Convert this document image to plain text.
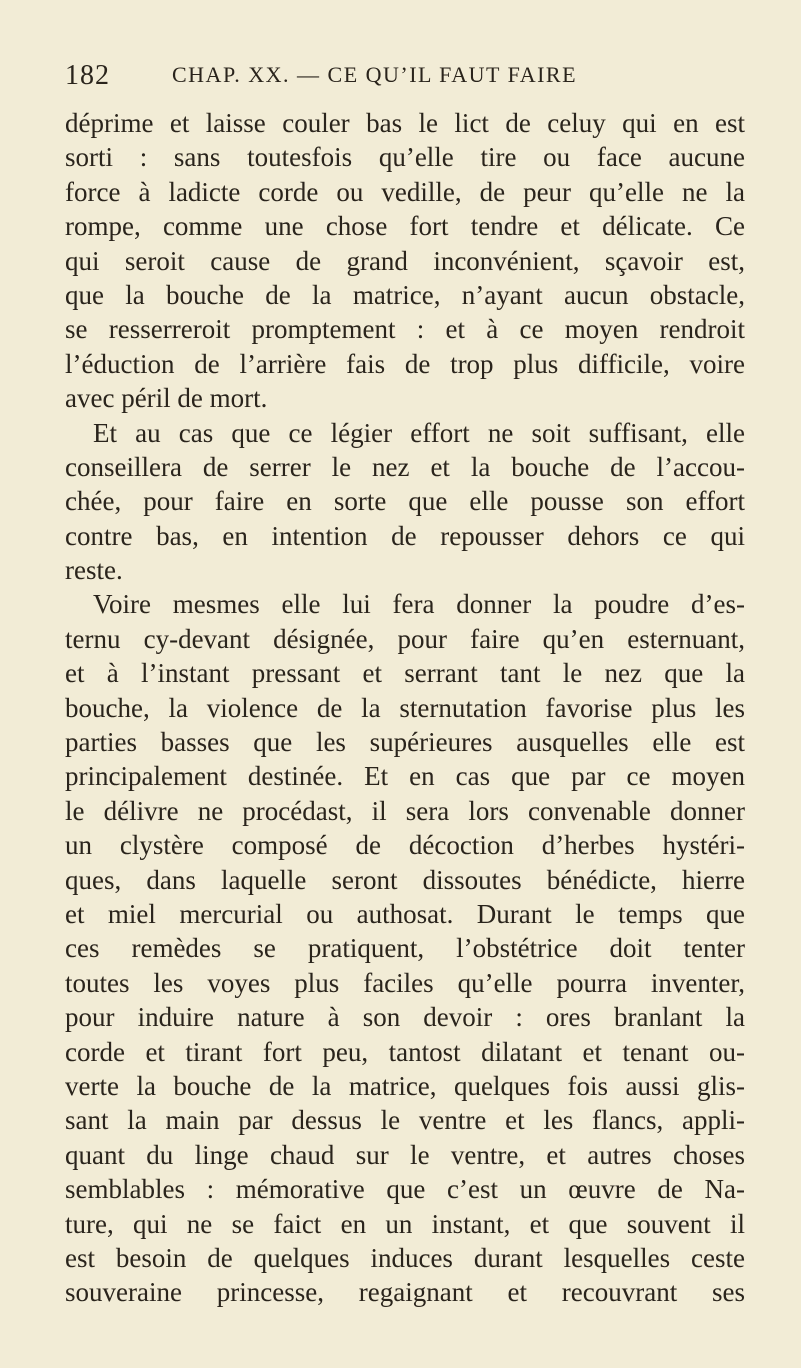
182	CHAP. XX. — CE QU’IL FAUT FAIRE
déprime et laisse couler bas le lict de celuy qui en est
sorti : sans toutesfois qu’elle tire ou face aucune
force à ladicte corde ou vedille, de peur qu’elle ne la
rompe, comme une chose fort tendre et délicate. Ce
qui seroit cause de grand inconvénient, sçavoir est,
que la bouche de la matrice, n’ayant aucun obstacle,
se resserreroit promptement : et à ce moyen rendroit
l’éduction de l’arrière fais de trop plus difficile, voire
avec péril de mort.
Et au cas que ce légier effort ne soit suffisant, elle
conseillera de serrer le nez et la bouche de l’accou-
chée, pour faire en sorte que elle pousse son effort
contre bas, en intention de repousser dehors ce qui
reste.
Voire mesmes elle lui fera donner la poudre d’es-
ternu cy-devant désignée, pour faire qu’en esternuant,
et à l’instant pressant et serrant tant le nez que la
bouche, la violence de la sternutation favorise plus les
parties basses que les supérieures ausquelles elle est
principalement destinée. Et en cas que par ce moyen
le délivre ne procédast, il sera lors convenable donner
un clystère composé de décoction d’herbes hystéri-
ques, dans laquelle seront dissoutes bénédicte, hierre
et miel mercurial ou authosat. Durant le temps que
ces remèdes se pratiquent, l’obstétrice doit tenter
toutes les voyes plus faciles qu’elle pourra inventer,
pour induire nature à son devoir : ores branlant la
corde et tirant fort peu, tantost dilatant et tenant ou-
verte la bouche de la matrice, quelques fois aussi glis-
sant la main par dessus le ventre et les flancs, appli-
quant du linge chaud sur le ventre, et autres choses
semblables : mémorative que c’est un œuvre de Na-
ture, qui ne se faict en un instant, et que souvent il
est besoin de quelques induces durant lesquelles ceste
souveraine princesse, regaignant et recouvrant ses
